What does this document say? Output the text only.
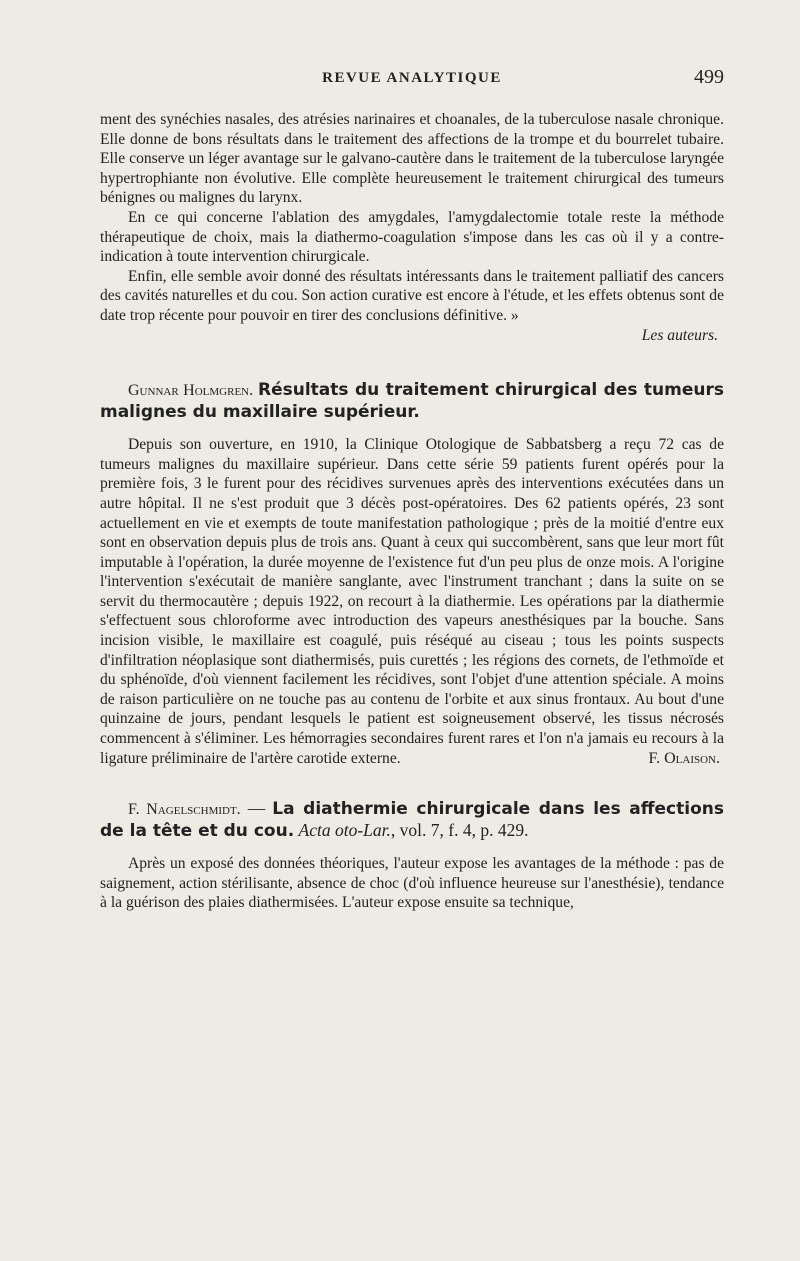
REVUE ANALYTIQUE	499

ment des synéchies nasales, des atrésies narinaires et choanales, de la tuberculose nasale chronique. Elle donne de bons résultats dans le traitement des affections de la trompe et du bourrelet tubaire. Elle conserve un léger avantage sur le galvano-cautère dans le traitement de la tuberculose laryngée hypertrophiante non évolutive. Elle complète heureusement le traitement chirurgical des tumeurs bénignes ou malignes du larynx.

En ce qui concerne l'ablation des amygdales, l'amygdalectomie totale reste la méthode thérapeutique de choix, mais la diathermo-coagulation s'impose dans les cas où il y a contre-indication à toute intervention chirurgicale.

Enfin, elle semble avoir donné des résultats intéressants dans le traitement palliatif des cancers des cavités naturelles et du cou. Son action curative est encore à l'étude, et les effets obtenus sont de date trop récente pour pouvoir en tirer des conclusions définitive. »

Les auteurs.

Gunnar Holmgren. Résultats du traitement chirurgical des tumeurs malignes du maxillaire supérieur.

Depuis son ouverture, en 1910, la Clinique Otologique de Sabbatsberg a reçu 72 cas de tumeurs malignes du maxillaire supérieur. Dans cette série 59 patients furent opérés pour la première fois, 3 le furent pour des récidives survenues après des interventions exécutées dans un autre hôpital. Il ne s'est produit que 3 décès post-opératoires. Des 62 patients opérés, 23 sont actuellement en vie et exempts de toute manifestation pathologique ; près de la moitié d'entre eux sont en observation depuis plus de trois ans. Quant à ceux qui succombèrent, sans que leur mort fût imputable à l'opération, la durée moyenne de l'existence fut d'un peu plus de onze mois. A l'origine l'intervention s'exécutait de manière sanglante, avec l'instrument tranchant ; dans la suite on se servit du thermocautère ; depuis 1922, on recourt à la diathermie. Les opérations par la diathermie s'effectuent sous chloroforme avec introduction des vapeurs anesthésiques par la bouche. Sans incision visible, le maxillaire est coagulé, puis réséqué au ciseau ; tous les points suspects d'infiltration néoplasique sont diathermisés, puis curettés ; les régions des cornets, de l'ethmoïde et du sphénoïde, d'où viennent facilement les récidives, sont l'objet d'une attention spéciale. A moins de raison particulière on ne touche pas au contenu de l'orbite et aux sinus frontaux. Au bout d'une quinzaine de jours, pendant lesquels le patient est soigneusement observé, les tissus nécrosés commencent à s'éliminer. Les hémorragies secondaires furent rares et l'on n'a jamais eu recours à la ligature préliminaire de l'artère carotide externe.	F. Olaison.

F. Nagelschmidt. — La diathermie chirurgicale dans les affections de la tête et du cou. Acta oto-Lar., vol. 7, f. 4, p. 429.

Après un exposé des données théoriques, l'auteur expose les avantages de la méthode : pas de saignement, action stérilisante, absence de choc (d'où influence heureuse sur l'anesthésie), tendance à la guérison des plaies diathermisées. L'auteur expose ensuite sa technique,
